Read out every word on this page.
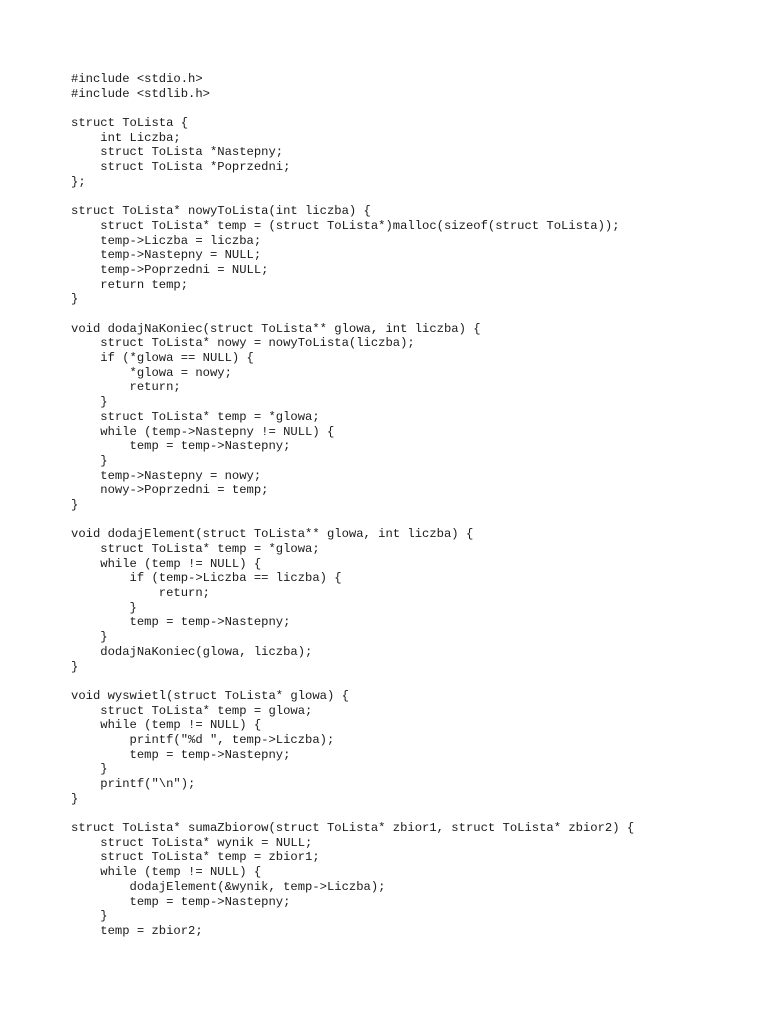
#include <stdio.h>
#include <stdlib.h>
struct ToLista {
int Liczba;
struct ToLista *Nastepny;
struct ToLista *Poprzedni;
};
struct ToLista* nowyToLista(int liczba) {
struct ToLista* temp = (struct ToLista*)malloc(sizeof(struct ToLista));
temp->Liczba = liczba;
temp->Nastepny = NULL;
temp->Poprzedni = NULL;
return temp;
}
void dodajNaKoniec(struct ToLista** glowa, int liczba) {
struct ToLista* nowy = nowyToLista(liczba);
if (*glowa == NULL) {
*glowa = nowy;
return;
}
struct ToLista* temp = *glowa;
while (temp->Nastepny != NULL) {
temp = temp->Nastepny;
}
temp->Nastepny = nowy;
nowy->Poprzedni = temp;
}
void dodajElement(struct ToLista** glowa, int liczba) {
struct ToLista* temp = *glowa;
while (temp != NULL) {
if (temp->Liczba == liczba) {
return;
}
temp = temp->Nastepny;
}
dodajNaKoniec(glowa, liczba);
}
void wyswietl(struct ToLista* glowa) {
struct ToLista* temp = glowa;
while (temp != NULL) {
printf("%d ", temp->Liczba);
temp = temp->Nastepny;
}
printf("\n");
}
struct ToLista* sumaZbiorow(struct ToLista* zbior1, struct ToLista* zbior2) {
struct ToLista* wynik = NULL;
struct ToLista* temp = zbior1;
while (temp != NULL) {
dodajElement(&wynik, temp->Liczba);
temp = temp->Nastepny;
}
temp = zbior2;
